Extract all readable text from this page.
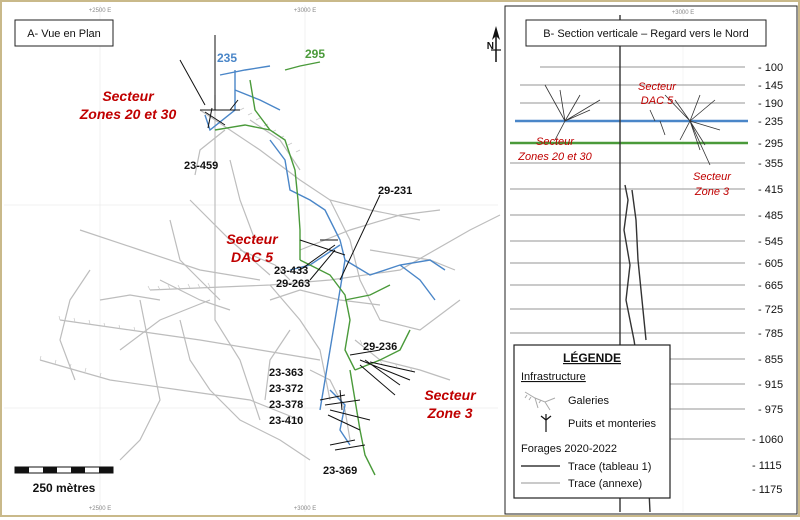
+2500 E	+3000 E
+2500 E	+3000 E
235	295
Secteur
Zones 20 et 30
Secteur
DAC 5
Secteur
Zone 3
23-459
29-231
23-433
29-263
29-236
23-363
23-372
23-378
23-410
23-369
A- Vue en Plan
250 mètres
N
+3000 E
Secteur
DAC 5
Secteur
Zones 20 et 30
Secteur
Zone 3
- 100
- 145
- 190
- 235
- 295
- 355
- 415
- 485
- 545
- 605
- 665
- 725
- 785
- 855
- 915
- 975
- 1060
- 1115
- 1175
B- Section verticale – Regard vers le Nord
LÉGENDE
Infrastructure
Galeries
Puits et monteries
Forages 2020-2022
Trace (tableau 1)
Trace (annexe)
